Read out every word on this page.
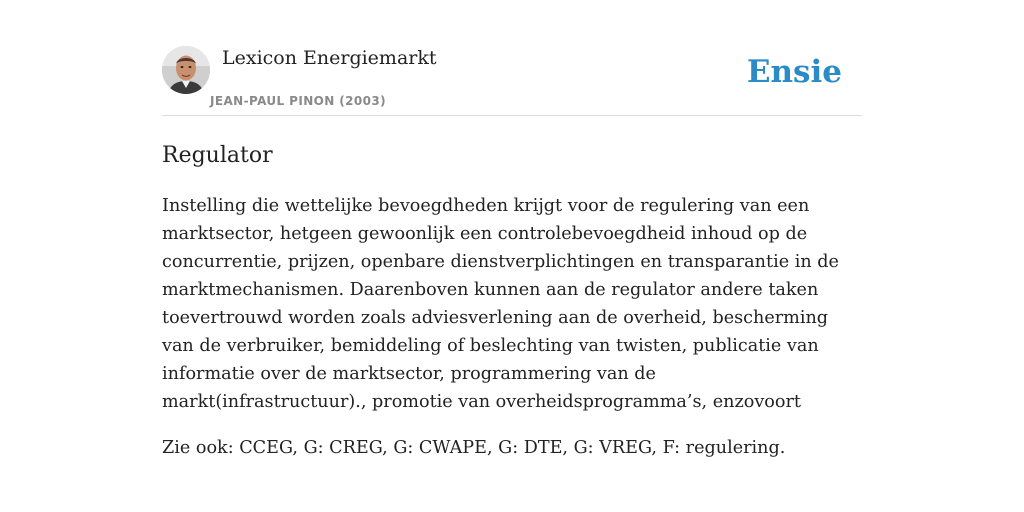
Lexicon Energiemarkt
JEAN-PAUL PINON (2003)
Ensie
Regulator

Instelling die wettelijke bevoegdheden krijgt voor de regulering van een marktsector, hetgeen gewoonlijk een controlebevoegdheid inhoud op de concurrentie, prijzen, openbare dienstverplichtingen en transparantie in de marktmechanismen. Daarenboven kunnen aan de regulator andere taken toevertrouwd worden zoals adviesverlening aan de overheid, bescherming van de verbruiker, bemiddeling of beslechting van twisten, publicatie van informatie over de marktsector, programmering van de markt(infrastructuur)., promotie van overheidsprogramma’s, enzovoort

Zie ook: CCEG, G: CREG, G: CWAPE, G: DTE, G: VREG, F: regulering.
